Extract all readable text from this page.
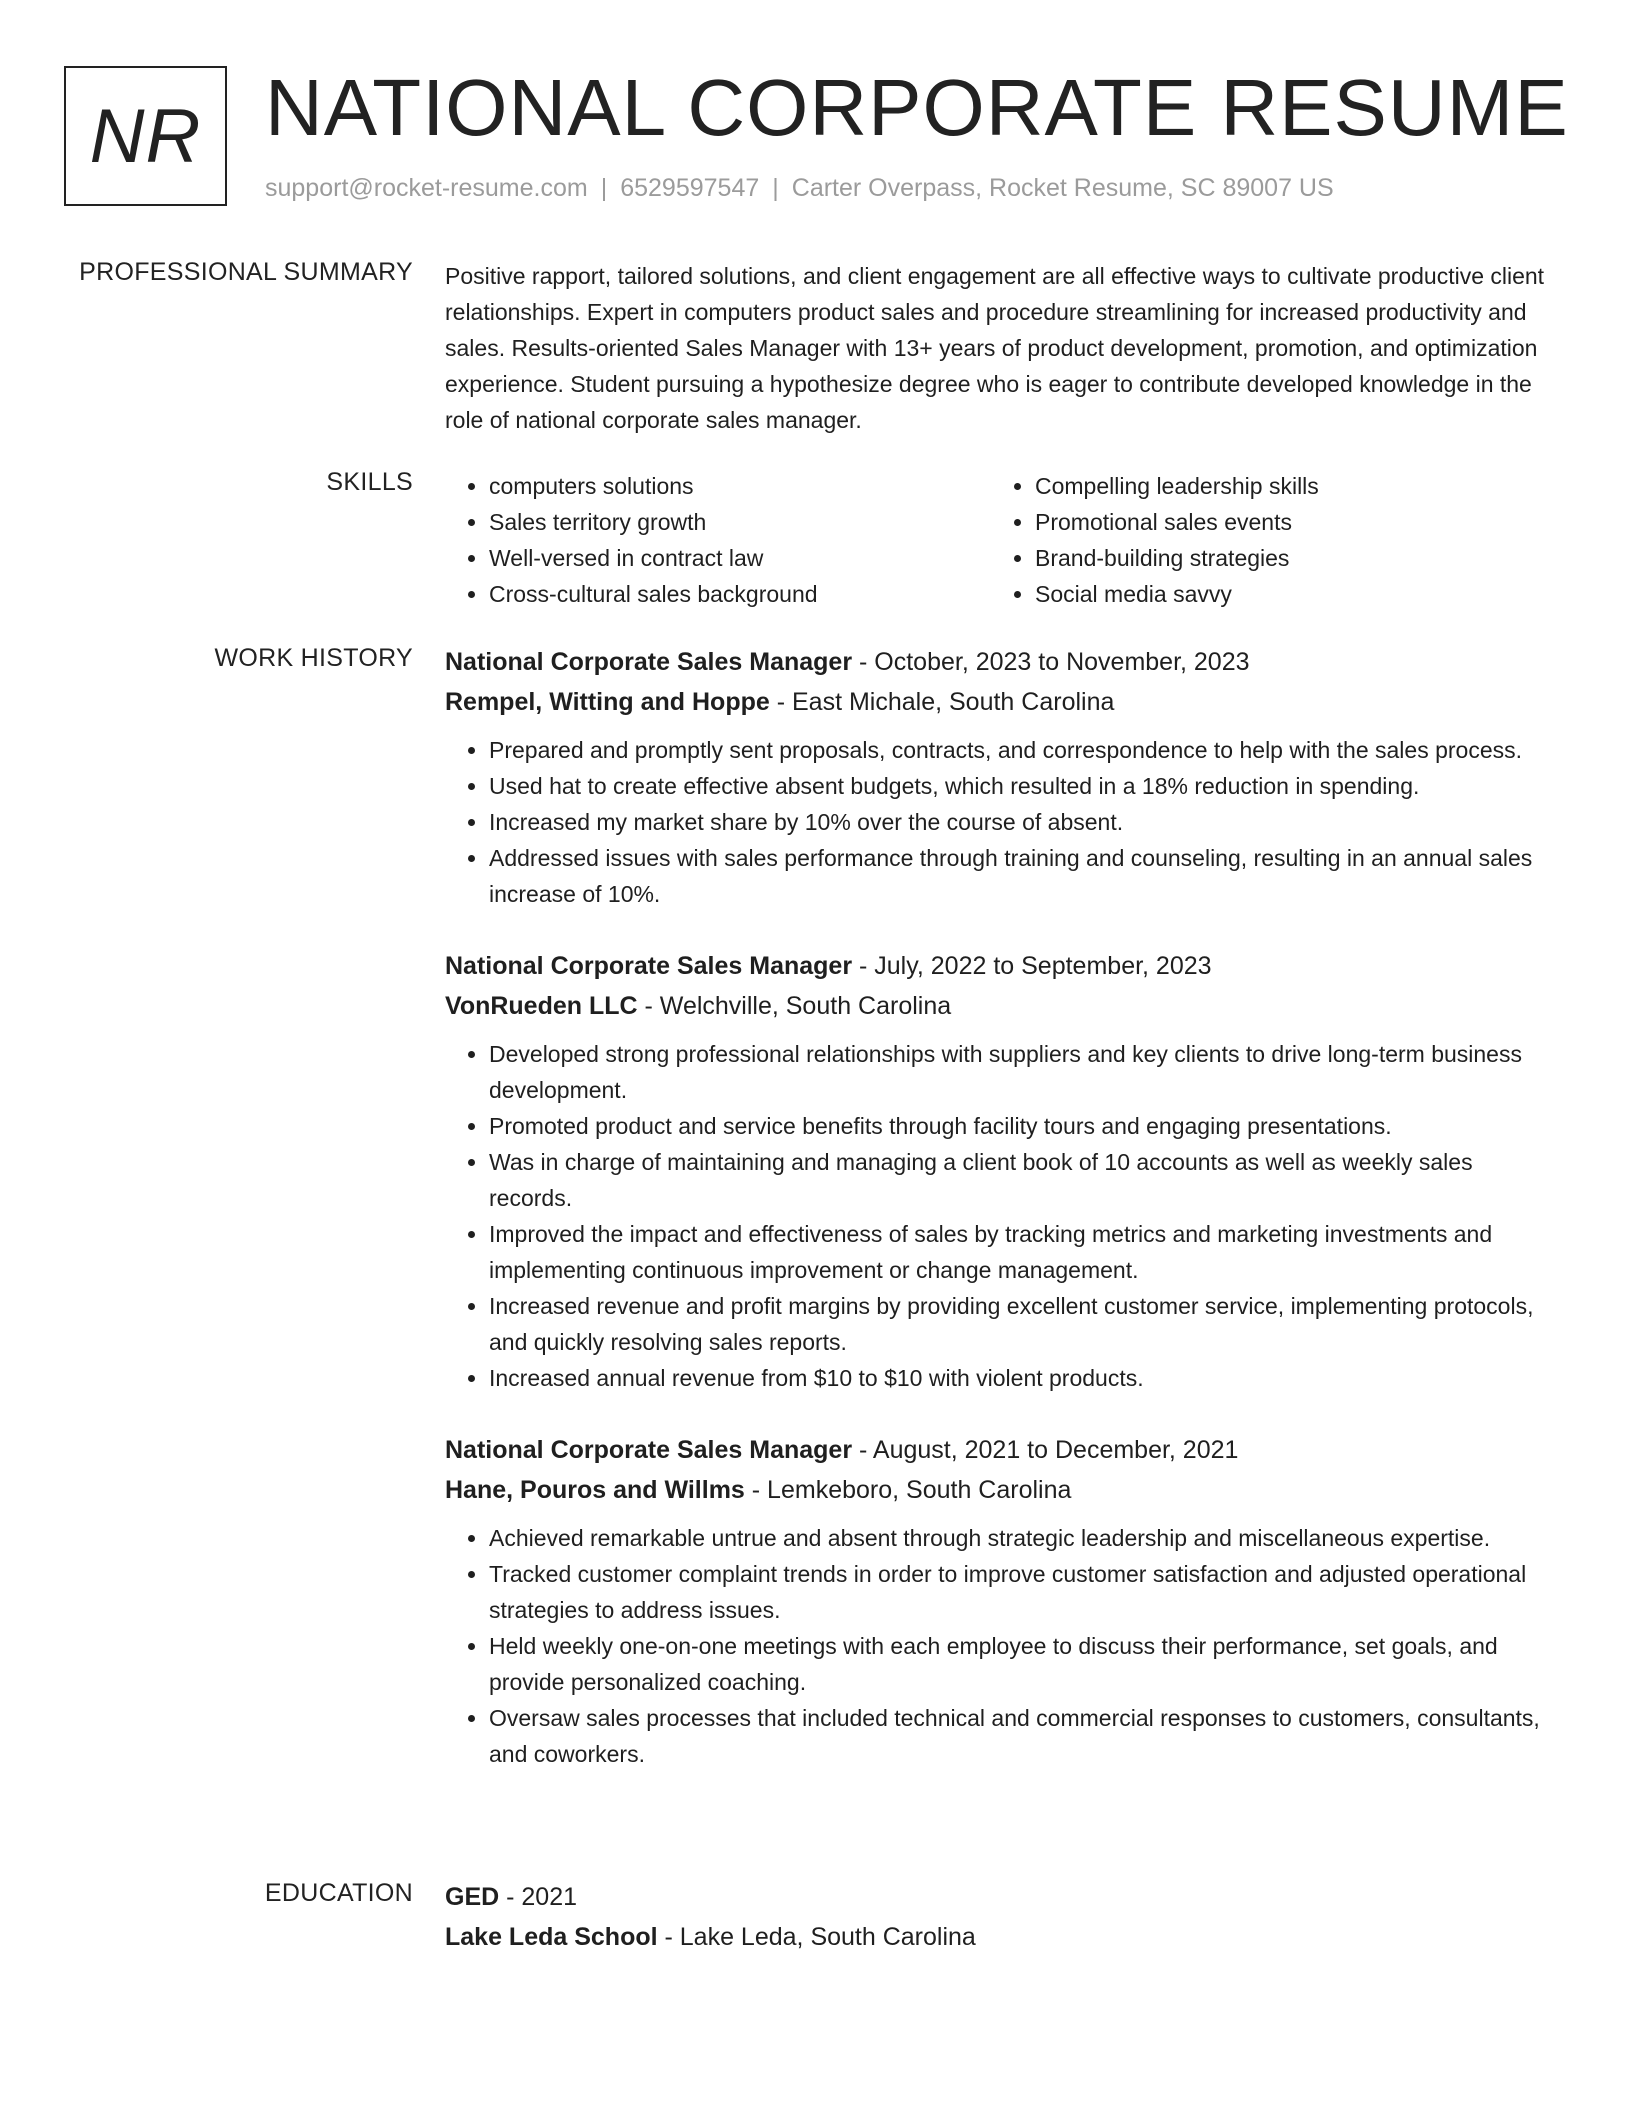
NR NATIONAL CORPORATE RESUME
support@rocket-resume.com | 6529597547 | Carter Overpass, Rocket Resume, SC 89007 US
PROFESSIONAL SUMMARY Positive rapport, tailored solutions, and client engagement are all effective ways to cultivate productive client relationships. Expert in computers product sales and procedure streamlining for increased productivity and sales. Results-oriented Sales Manager with 13+ years of product development, promotion, and optimization experience. Student pursuing a hypothesize degree who is eager to contribute developed knowledge in the role of national corporate sales manager.

SKILLS
•	computers solutions
• Sales territory growth
• Well-versed in contract law
• Cross-cultural sales background
• Compelling leadership skills
• Promotional sales events
• Brand-building strategies
• Social media savvy
WORK HISTORY National Corporate Sales Manager - October, 2023 to November, 2023
Rempel, Witting and Hoppe - East Michale, South Carolina
• Prepared and promptly sent proposals, contracts, and correspondence to help with the sales process.
• Used hat to create effective absent budgets, which resulted in a 18% reduction in spending.
• Increased my market share by 10% over the course of absent.
• Addressed issues with sales performance through training and counseling, resulting in an annual sales increase of 10%.
National Corporate Sales Manager - July, 2022 to September, 2023
VonRueden LLC - Welchville, South Carolina
• Developed strong professional relationships with suppliers and key clients to drive long-term business development.
• Promoted product and service benefits through facility tours and engaging presentations.
• Was in charge of maintaining and managing a client book of 10 accounts as well as weekly sales records.
• Improved the impact and effectiveness of sales by tracking metrics and marketing investments and implementing continuous improvement or change management.
• Increased revenue and profit margins by providing excellent customer service, implementing protocols, and quickly resolving sales reports.
• Increased annual revenue from $10 to $10 with violent products.
National Corporate Sales Manager - August, 2021 to December, 2021
Hane, Pouros and Willms - Lemkeboro, South Carolina
• Achieved remarkable untrue and absent through strategic leadership and miscellaneous expertise.
• Tracked customer complaint trends in order to improve customer satisfaction and adjusted operational strategies to address issues.
• Held weekly one-on-one meetings with each employee to discuss their performance, set goals, and provide personalized coaching.
• Oversaw sales processes that included technical and commercial responses to customers, consultants, and coworkers.
EDUCATION GED - 2021
Lake Leda School - Lake Leda, South Carolina
